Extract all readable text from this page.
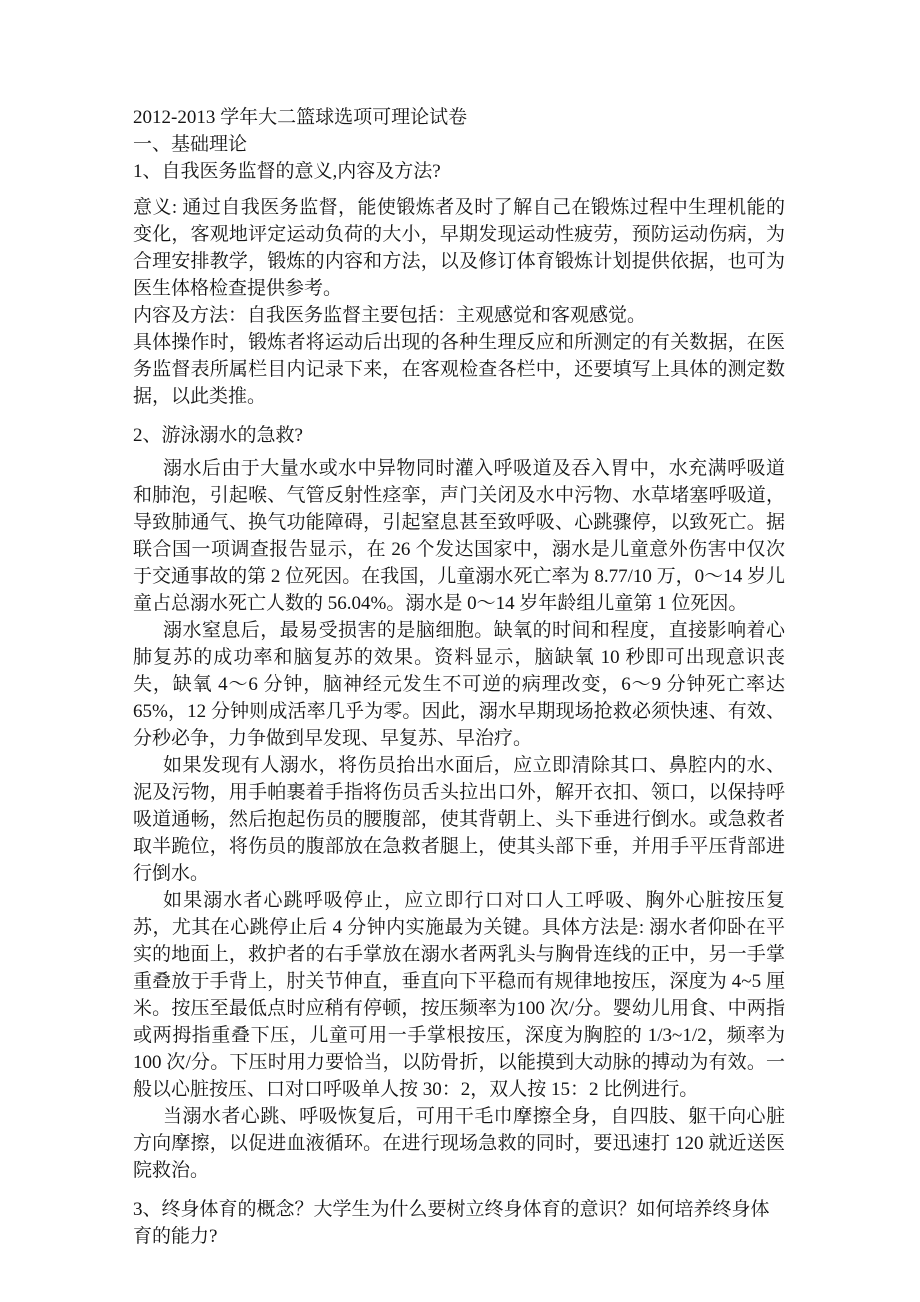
2012-2013 学年大二篮球选项可理论试卷
一、基础理论
1、自我医务监督的意义,内容及方法?

意义: 通过自我医务监督，能使锻炼者及时了解自己在锻炼过程中生理机能的变化，客观地评定运动负荷的大小，早期发现运动性疲劳，预防运动伤病，为合理安排教学，锻炼的内容和方法，以及修订体育锻炼计划提供依据，也可为医生体格检查提供参考。

内容及方法：自我医务监督主要包括：主观感觉和客观感觉。

具体操作时，锻炼者将运动后出现的各种生理反应和所测定的有关数据，在医务监督表所属栏目内记录下来，在客观检查各栏中，还要填写上具体的测定数据，以此类推。

2、游泳溺水的急救?

溺水后由于大量水或水中异物同时灌入呼吸道及吞入胃中，水充满呼吸道和肺泡，引起喉、气管反射性痉挛，声门关闭及水中污物、水草堵塞呼吸道，导致肺通气、换气功能障碍，引起窒息甚至致呼吸、心跳骤停，以致死亡。据联合国一项调查报告显示，在 26 个发达国家中，溺水是儿童意外伤害中仅次于交通事故的第 2 位死因。在我国，儿童溺水死亡率为 8.77/10 万，0～14 岁儿童占总溺水死亡人数的 56.04%。溺水是 0～14 岁年龄组儿童第 1 位死因。

溺水窒息后，最易受损害的是脑细胞。缺氧的时间和程度，直接影响着心肺复苏的成功率和脑复苏的效果。资料显示，脑缺氧 10 秒即可出现意识丧失，缺氧 4～6 分钟，脑神经元发生不可逆的病理改变，6～9 分钟死亡率达 65%，12 分钟则成活率几乎为零。因此，溺水早期现场抢救必须快速、有效、分秒必争，力争做到早发现、早复苏、早治疗。

如果发现有人溺水，将伤员抬出水面后，应立即清除其口、鼻腔内的水、泥及污物，用手帕裹着手指将伤员舌头拉出口外，解开衣扣、领口，以保持呼吸道通畅，然后抱起伤员的腰腹部，使其背朝上、头下垂进行倒水。或急救者取半跪位，将伤员的腹部放在急救者腿上，使其头部下垂，并用手平压背部进行倒水。

如果溺水者心跳呼吸停止，应立即行口对口人工呼吸、胸外心脏按压复苏，尤其在心跳停止后 4 分钟内实施最为关键。具体方法是: 溺水者仰卧在平实的地面上，救护者的右手掌放在溺水者两乳头与胸骨连线的正中，另一手掌重叠放于手背上，肘关节伸直，垂直向下平稳而有规律地按压，深度为 4~5 厘米。按压至最低点时应稍有停顿，按压频率为100 次/分。婴幼儿用食、中两指或两拇指重叠下压，儿童可用一手掌根按压，深度为胸腔的 1/3~1/2，频率为 100 次/分。下压时用力要恰当，以防骨折，以能摸到大动脉的搏动为有效。一般以心脏按压、口对口呼吸单人按 30：2，双人按 15：2 比例进行。

当溺水者心跳、呼吸恢复后，可用干毛巾摩擦全身，自四肢、躯干向心脏方向摩擦，以促进血液循环。在进行现场急救的同时，要迅速打 120 就近送医院救治。

3、终身体育的概念？大学生为什么要树立终身体育的意识？如何培养终身体育的能力?
